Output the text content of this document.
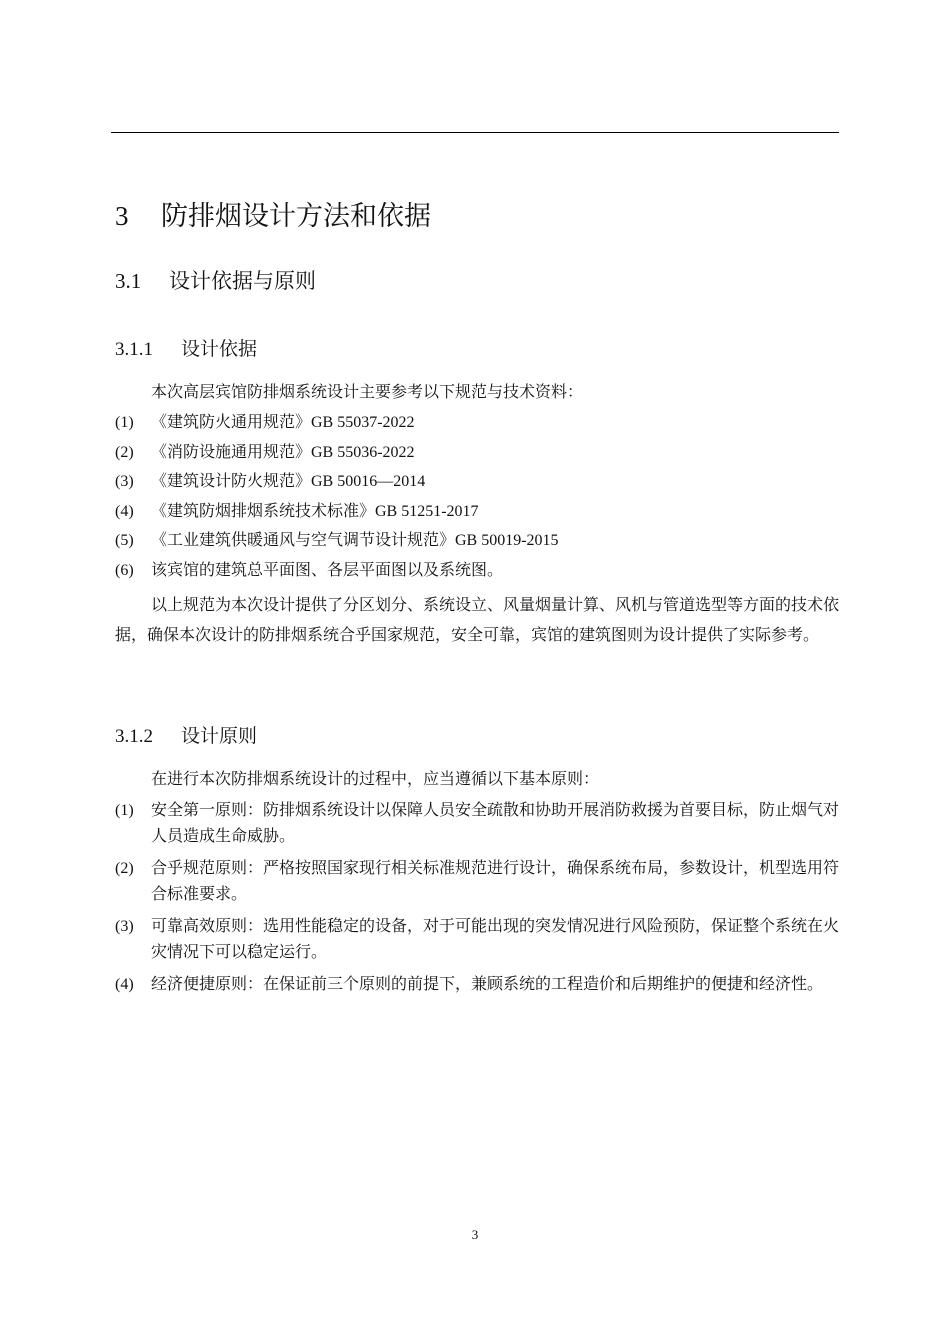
3 防排烟设计方法和依据
3.1 设计依据与原则
3.1.1 设计依据
本次高层宾馆防排烟系统设计主要参考以下规范与技术资料：
(1) 《建筑防火通用规范》GB 55037-2022
(2) 《消防设施通用规范》GB 55036-2022
(3) 《建筑设计防火规范》GB 50016—2014
(4) 《建筑防烟排烟系统技术标准》GB 51251-2017
(5) 《工业建筑供暖通风与空气调节设计规范》GB 50019-2015
(6) 该宾馆的建筑总平面图、各层平面图以及系统图。
以上规范为本次设计提供了分区划分、系统设立、风量烟量计算、风机与管道选型等方面的技术依据，确保本次设计的防排烟系统合乎国家规范，安全可靠，宾馆的建筑图则为设计提供了实际参考。
3.1.2 设计原则
在进行本次防排烟系统设计的过程中，应当遵循以下基本原则：
(1) 安全第一原则：防排烟系统设计以保障人员安全疏散和协助开展消防救援为首要目标，防止烟气对人员造成生命威胁。
(2) 合乎规范原则：严格按照国家现行相关标准规范进行设计，确保系统布局，参数设计，机型选用符合标准要求。
(3) 可靠高效原则：选用性能稳定的设备，对于可能出现的突发情况进行风险预防，保证整个系统在火灾情况下可以稳定运行。
(4) 经济便捷原则：在保证前三个原则的前提下，兼顾系统的工程造价和后期维护的便捷和经济性。
3
